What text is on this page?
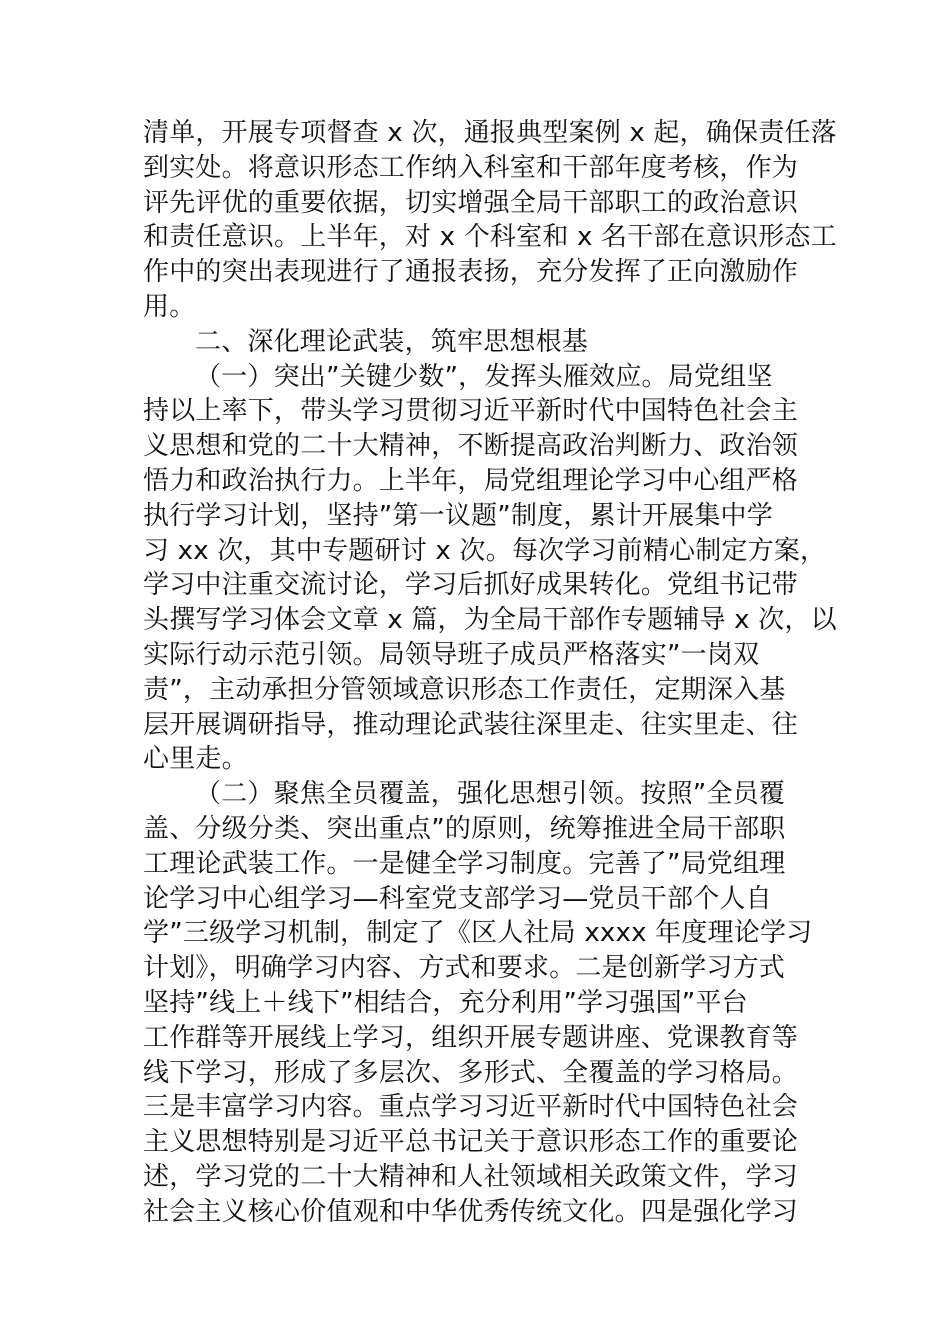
清单，开展专项督查 x 次，通报典型案例 x 起，确保责任落
到实处。将意识形态工作纳入科室和干部年度考核，作为
评先评优的重要依据，切实增强全局干部职工的政治意识
和责任意识。上半年，对 x 个科室和 x 名干部在意识形态工
作中的突出表现进行了通报表扬，充分发挥了正向激励作
用。
二、深化理论武装，筑牢思想根基
（一）突出”关键少数”，发挥头雁效应。局党组坚
持以上率下，带头学习贯彻习近平新时代中国特色社会主
义思想和党的二十大精神，不断提高政治判断力、政治领
悟力和政治执行力。上半年，局党组理论学习中心组严格
执行学习计划，坚持”第一议题”制度，累计开展集中学
习 xx 次，其中专题研讨 x 次。每次学习前精心制定方案，
学习中注重交流讨论，学习后抓好成果转化。党组书记带
头撰写学习体会文章 x 篇，为全局干部作专题辅导 x 次，以
实际行动示范引领。局领导班子成员严格落实”一岗双
责”，主动承担分管领域意识形态工作责任，定期深入基
层开展调研指导，推动理论武装往深里走、往实里走、往
心里走。
（二）聚焦全员覆盖，强化思想引领。按照”全员覆
盖、分级分类、突出重点”的原则，统筹推进全局干部职
工理论武装工作。一是健全学习制度。完善了”局党组理
论学习中心组学习—科室党支部学习—党员干部个人自
学”三级学习机制，制定了《区人社局 xxxx 年度理论学习
计划》，明确学习内容、方式和要求。二是创新学习方式
坚持”线上＋线下”相结合，充分利用”学习强国”平台
工作群等开展线上学习，组织开展专题讲座、党课教育等
线下学习，形成了多层次、多形式、全覆盖的学习格局。
三是丰富学习内容。重点学习习近平新时代中国特色社会
主义思想特别是习近平总书记关于意识形态工作的重要论
述，学习党的二十大精神和人社领域相关政策文件，学习
社会主义核心价值观和中华优秀传统文化。四是强化学习
